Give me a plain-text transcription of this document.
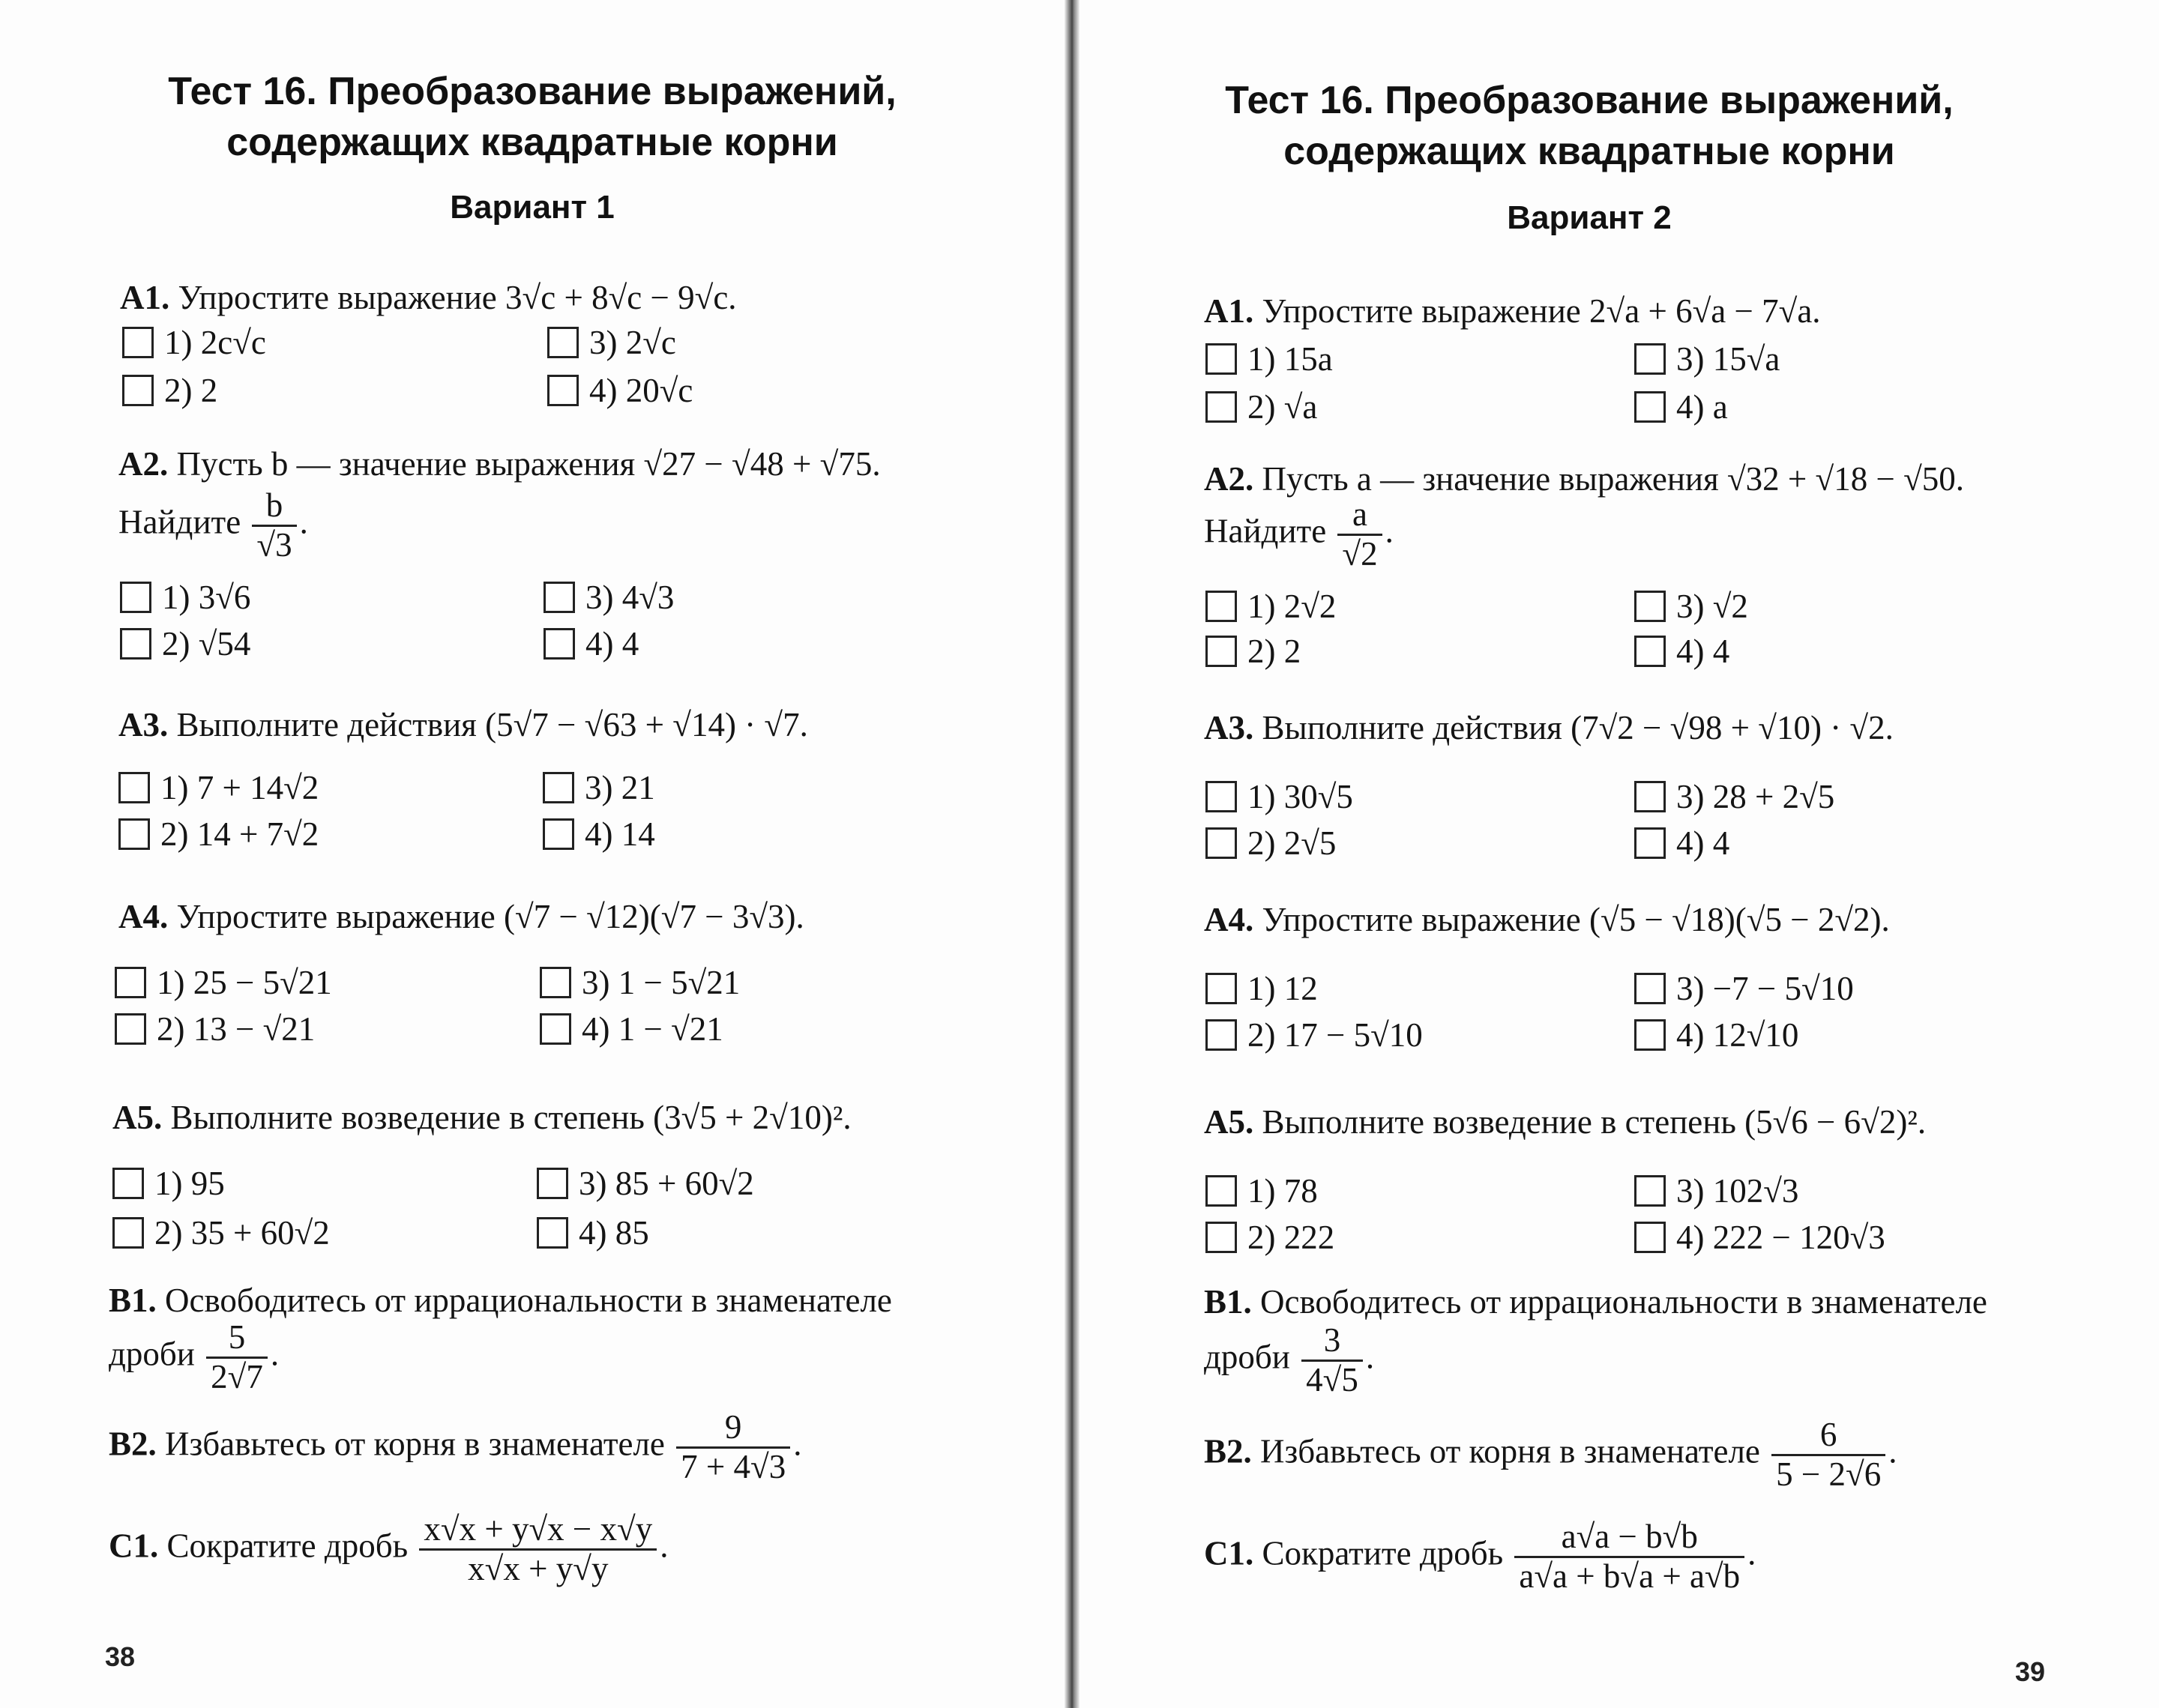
Тест 16. Преобразование выражений,
содержащих квадратные корни
Вариант 1
A1. Упростите выражение 3√c + 8√c − 9√c.
1) 2c√c
2) 2
3) 2√c
4) 20√c
A2. Пусть b — значение выражения √27 − √48 + √75.
Найдите $\frac{b}{√3}$ .
1) 3√6
2) √54
3) 4√3
4) 4
A3. Выполните действия (5√7 − √63 + √14) · √7.
1) 7 + 14√2
2) 14 + 7√2
3) 21
4) 14
A4. Упростите выражение (√7 − √12)(√7 − 3√3).
1) 25 − 5√21
2) 13 − √21
3) 1 − 5√21
4) 1 − √21
A5. Выполните возведение в степень (3√5 + 2√10)².
1) 95
2) 35 + 60√2
3) 85 + 60√2
4) 85
B1. Освободитесь от иррациональности в знаменателе
дроби $\frac{5}{2√7}$ .
B2. Избавьтесь от корня в знаменателе $\frac{9}{7 + 4√3}$ .
C1. Сократите дробь $\frac{x√x + y√x - x√y}{x√x + y√y}$ .
38
Тест 16. Преобразование выражений,
содержащих квадратные корни
Вариант 2
A1. Упростите выражение 2√a + 6√a − 7√a.
1) 15a
2) √a
3) 15√a
4) a
A2. Пусть a — значение выражения √32 + √18 − √50.
Найдите $\frac{a}{√2}$ .
1) 2√2
2) 2
3) √2
4) 4
A3. Выполните действия (7√2 − √98 + √10) · √2.
1) 30√5
2) 2√5
3) 28 + 2√5
4) 4
A4. Упростите выражение (√5 − √18)(√5 − 2√2).
1) 12
2) 17 − 5√10
3) −7 − 5√10
4) 12√10
A5. Выполните возведение в степень (5√6 − 6√2)².
1) 78
2) 222
3) 102√3
4) 222 − 120√3
B1. Освободитесь от иррациональности в знаменателе
дроби $\frac{3}{4√5}$ .
B2. Избавьтесь от корня в знаменателе $\frac{6}{5 - 2√6}$ .
C1. Сократите дробь $\frac{a√a - b√b}{a√a + b√a + a√b}$ .
39
